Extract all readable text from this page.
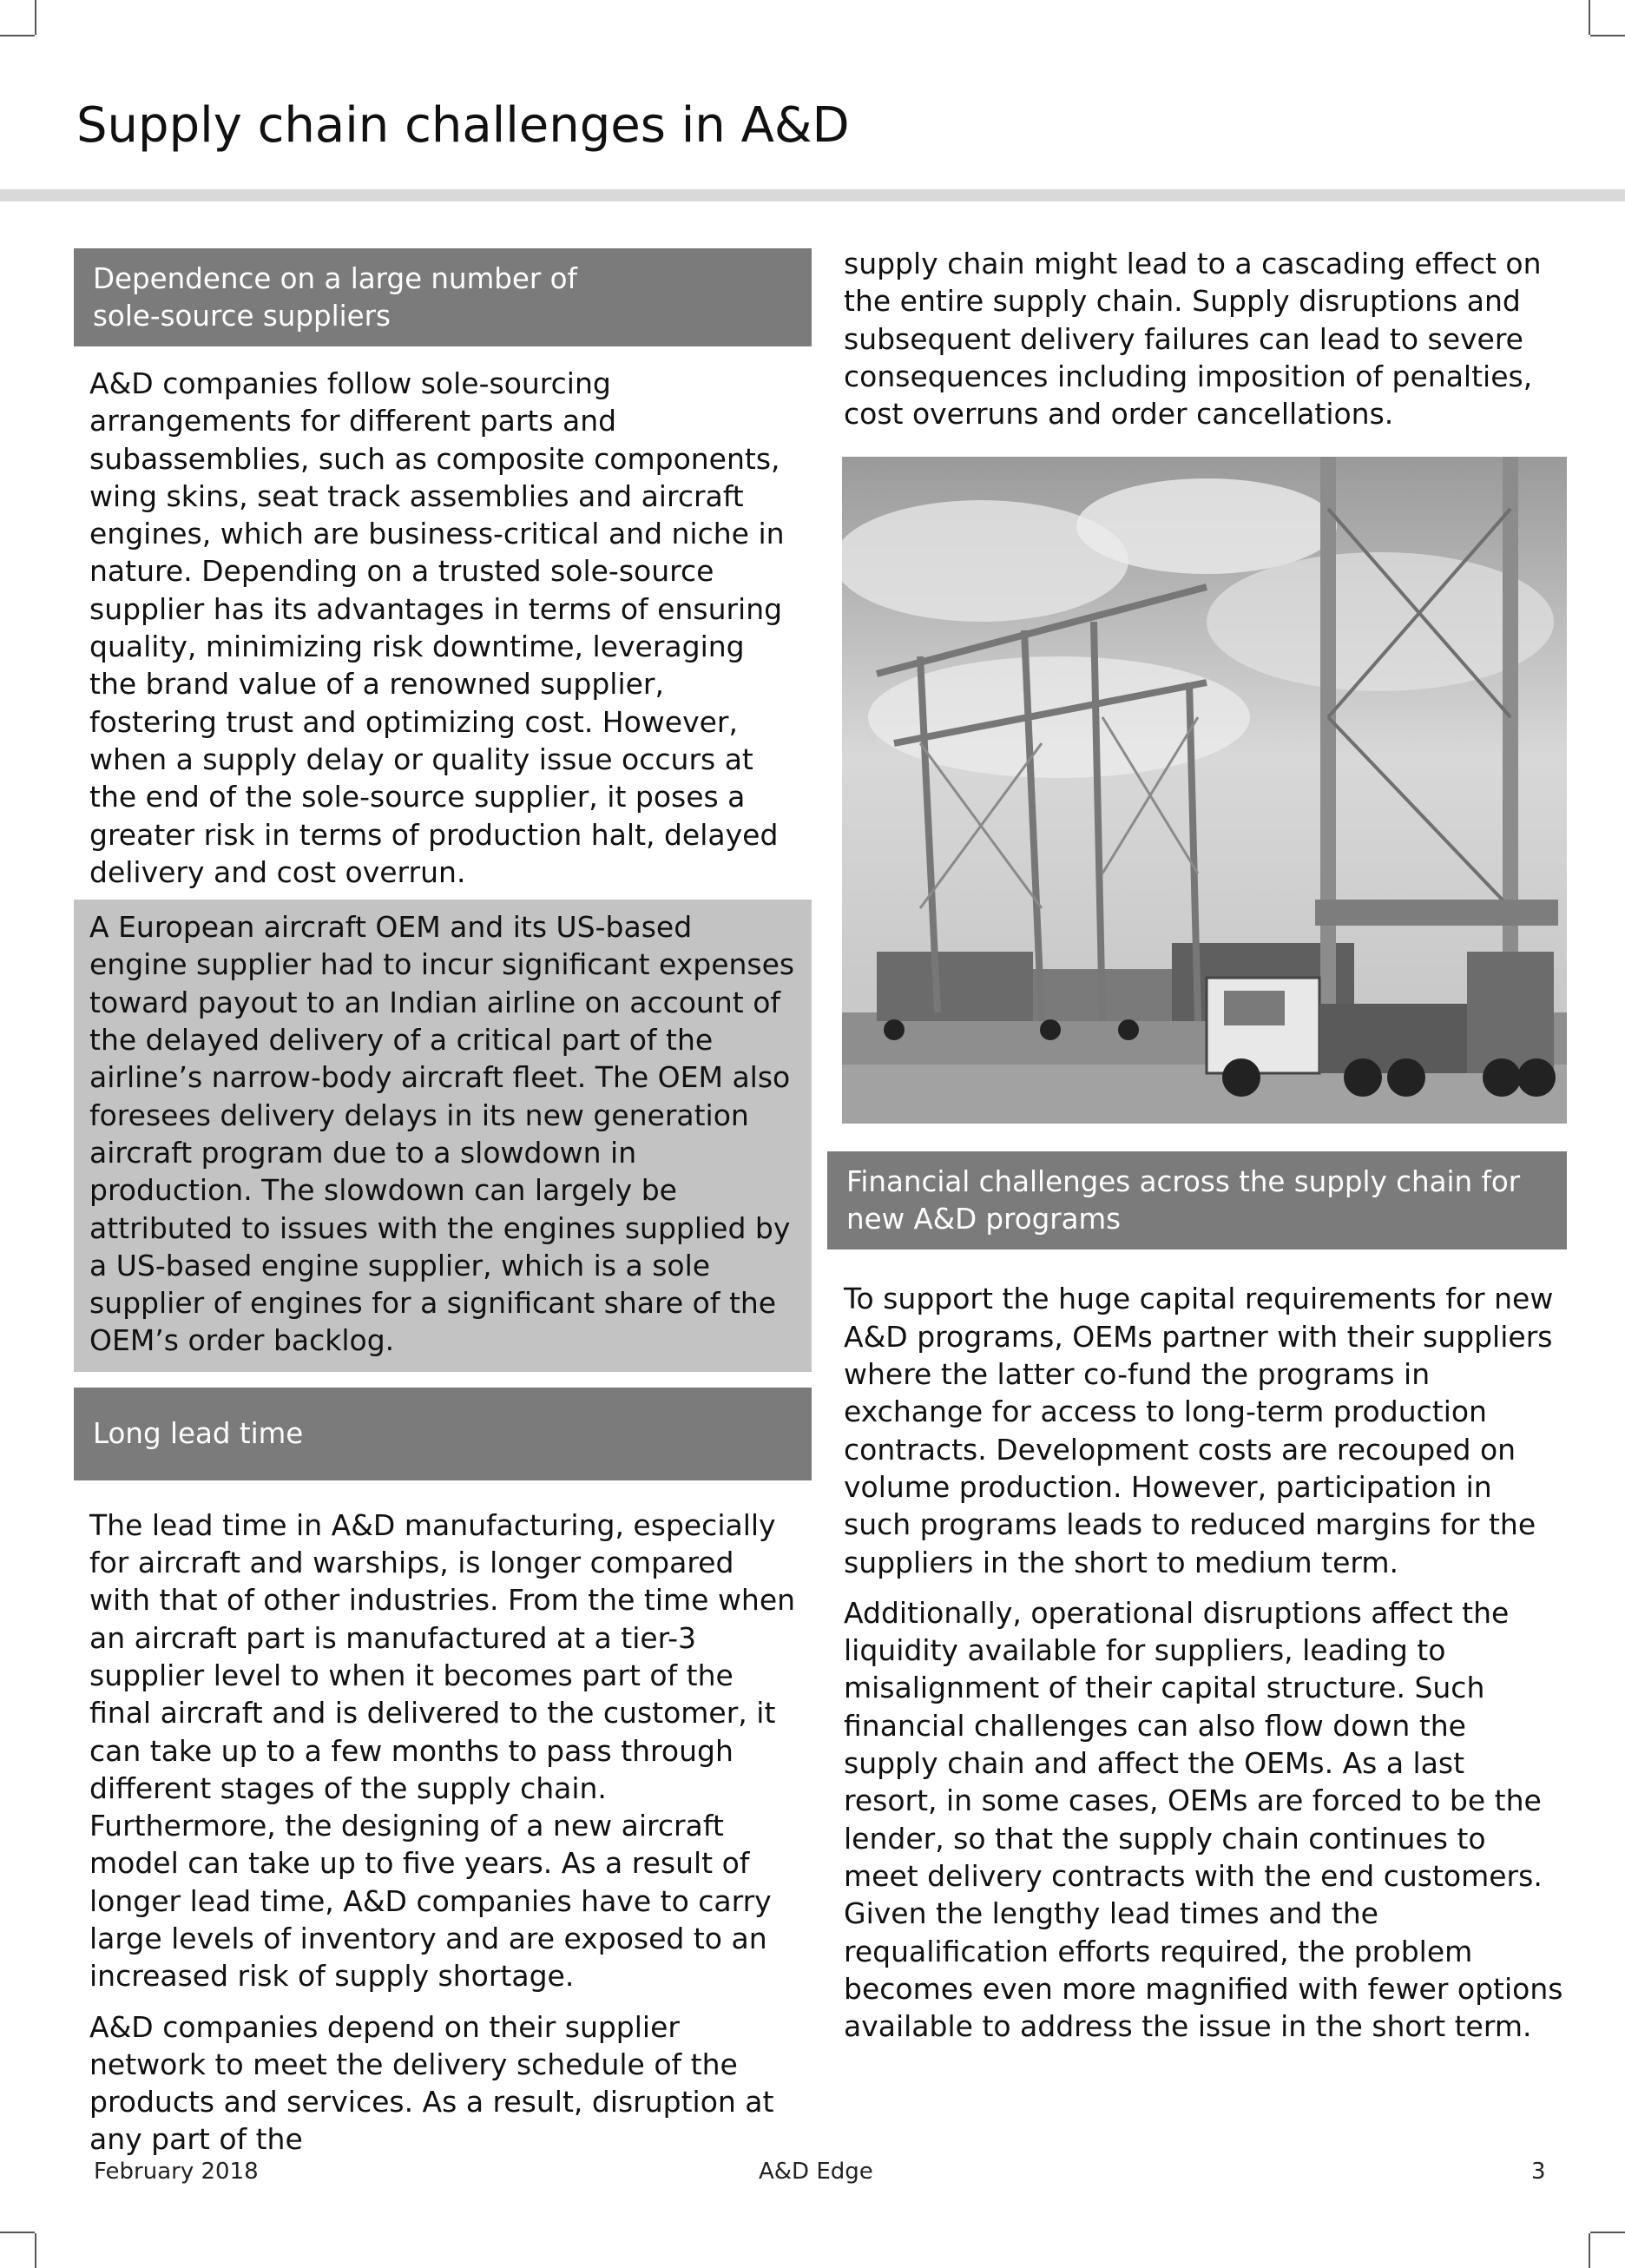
Supply chain challenges in A&D
Dependence on a large number of sole-source suppliers

A&D companies follow sole-sourcing arrangements for different parts and subassemblies, such as composite components, wing skins, seat track assemblies and aircraft engines, which are business-critical and niche in nature. Depending on a trusted sole-source supplier has its advantages in terms of ensuring quality, minimizing risk downtime, leveraging the brand value of a renowned supplier, fostering trust and optimizing cost. However, when a supply delay or quality issue occurs at the end of the sole-source supplier, it poses a greater risk in terms of production halt, delayed delivery and cost overrun.

A European aircraft OEM and its US-based engine supplier had to incur significant expenses toward payout to an Indian airline on account of the delayed delivery of a critical part of the airline’s narrow-body aircraft fleet. The OEM also foresees delivery delays in its new generation aircraft program due to a slowdown in production. The slowdown can largely be attributed to issues with the engines supplied by a US-based engine supplier, which is a sole supplier of engines for a significant share of the OEM’s order backlog.
Long lead time

The lead time in A&D manufacturing, especially for aircraft and warships, is longer compared with that of other industries. From the time when an aircraft part is manufactured at a tier-3 supplier level to when it becomes part of the final aircraft and is delivered to the customer, it can take up to a few months to pass through different stages of the supply chain. Furthermore, the designing of a new aircraft model can take up to five years. As a result of longer lead time, A&D companies have to carry large levels of inventory and are exposed to an increased risk of supply shortage.

A&D companies depend on their supplier network to meet the delivery schedule of the products and services. As a result, disruption at any part of the

supply chain might lead to a cascading effect on the entire supply chain. Supply disruptions and subsequent delivery failures can lead to severe consequences including imposition of penalties, cost overruns and order cancellations.

Financial challenges across the supply chain for new A&D programs

To support the huge capital requirements for new A&D programs, OEMs partner with their suppliers where the latter co-fund the programs in exchange for access to long-term production contracts. Development costs are recouped on volume production. However, participation in such programs leads to reduced margins for the suppliers in the short to medium term.

Additionally, operational disruptions affect the liquidity available for suppliers, leading to misalignment of their capital structure. Such financial challenges can also flow down the supply chain and affect the OEMs. As a last resort, in some cases, OEMs are forced to be the lender, so that the supply chain continues to meet delivery contracts with the end customers. Given the lengthy lead times and the requalification efforts required, the problem becomes even more magnified with fewer options available to address the issue in the short term.

February 2018	A&D Edge	3
